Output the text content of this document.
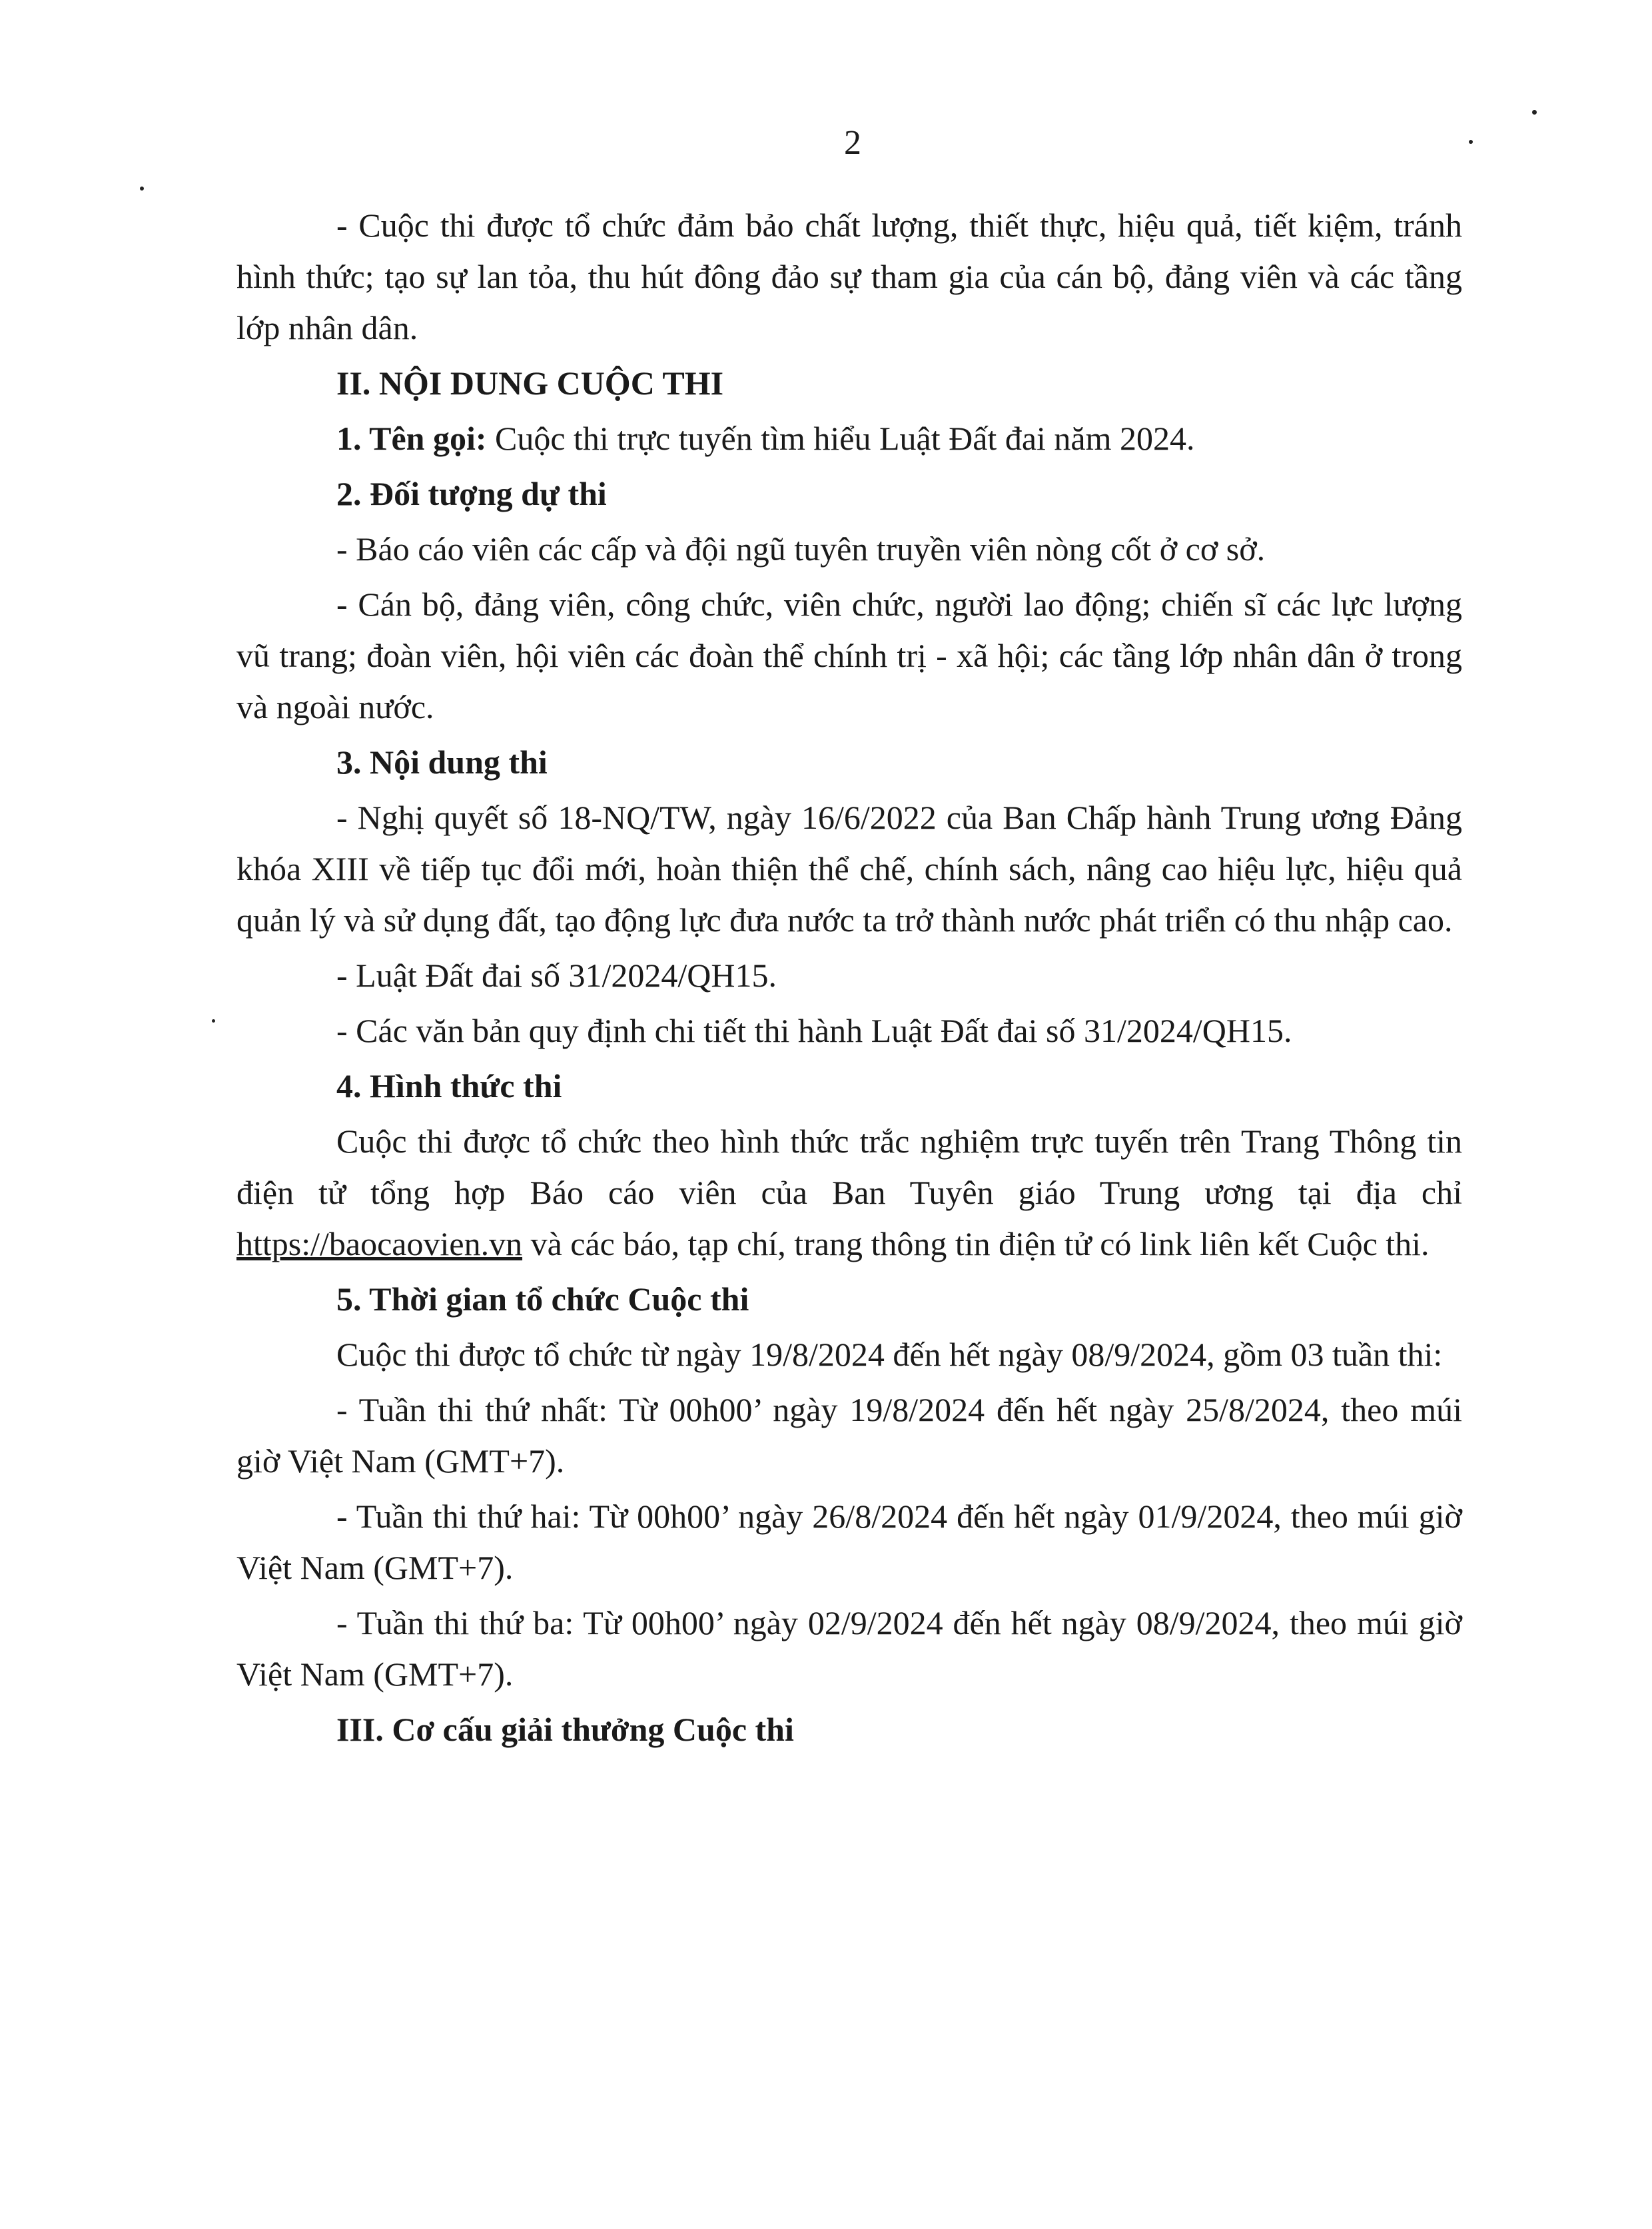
2

- Cuộc thi được tổ chức đảm bảo chất lượng, thiết thực, hiệu quả, tiết kiệm, tránh hình thức; tạo sự lan tỏa, thu hút đông đảo sự tham gia của cán bộ, đảng viên và các tầng lớp nhân dân.

II. NỘI DUNG CUỘC THI

1. Tên gọi: Cuộc thi trực tuyến tìm hiểu Luật Đất đai năm 2024.

2. Đối tượng dự thi

- Báo cáo viên các cấp và đội ngũ tuyên truyền viên nòng cốt ở cơ sở.

- Cán bộ, đảng viên, công chức, viên chức, người lao động; chiến sĩ các lực lượng vũ trang; đoàn viên, hội viên các đoàn thể chính trị - xã hội; các tầng lớp nhân dân ở trong và ngoài nước.

3. Nội dung thi

- Nghị quyết số 18-NQ/TW, ngày 16/6/2022 của Ban Chấp hành Trung ương Đảng khóa XIII về tiếp tục đổi mới, hoàn thiện thể chế, chính sách, nâng cao hiệu lực, hiệu quả quản lý và sử dụng đất, tạo động lực đưa nước ta trở thành nước phát triển có thu nhập cao.

- Luật Đất đai số 31/2024/QH15.

- Các văn bản quy định chi tiết thi hành Luật Đất đai số 31/2024/QH15.

4. Hình thức thi

Cuộc thi được tổ chức theo hình thức trắc nghiệm trực tuyến trên Trang Thông tin điện tử tổng hợp Báo cáo viên của Ban Tuyên giáo Trung ương tại địa chỉ https://baocaovien.vn và các báo, tạp chí, trang thông tin điện tử có link liên kết Cuộc thi.

5. Thời gian tổ chức Cuộc thi

Cuộc thi được tổ chức từ ngày 19/8/2024 đến hết ngày 08/9/2024, gồm 03 tuần thi:

- Tuần thi thứ nhất: Từ 00h00’ ngày 19/8/2024 đến hết ngày 25/8/2024, theo múi giờ Việt Nam (GMT+7).

- Tuần thi thứ hai: Từ 00h00’ ngày 26/8/2024 đến hết ngày 01/9/2024, theo múi giờ Việt Nam (GMT+7).

- Tuần thi thứ ba: Từ 00h00’ ngày 02/9/2024 đến hết ngày 08/9/2024, theo múi giờ Việt Nam (GMT+7).

III. Cơ cấu giải thưởng Cuộc thi
